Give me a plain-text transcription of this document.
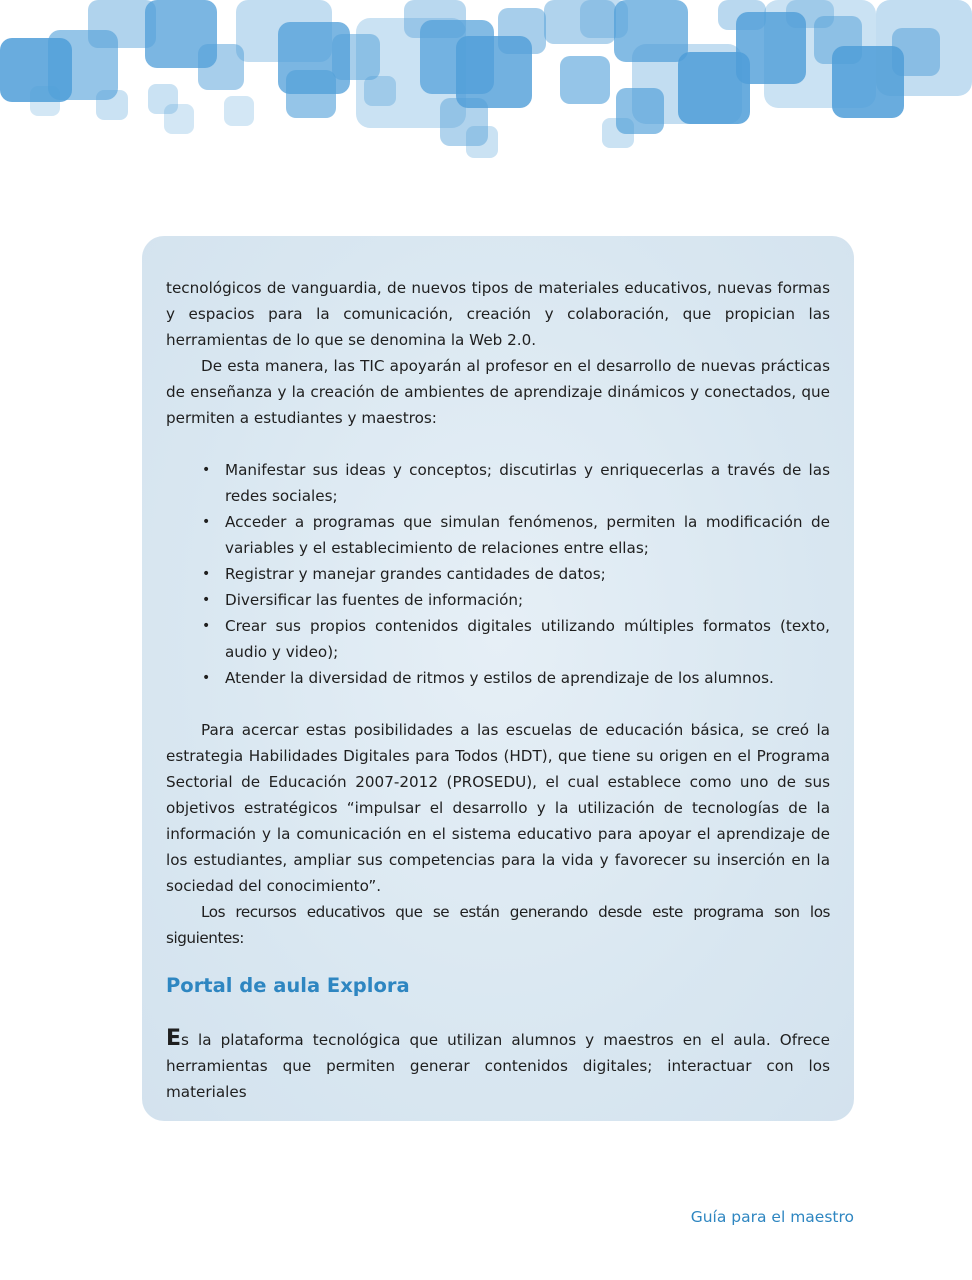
tecnológicos de vanguardia, de nuevos tipos de materiales educativos, nuevas formas y espacios para la comunicación, creación y colaboración, que propician las herramientas de lo que se denomina la Web 2.0.

De esta manera, las TIC apoyarán al profesor en el desarrollo de nuevas prácticas de enseñanza y la creación de ambientes de aprendizaje dinámicos y conectados, que permiten a estudiantes y maestros:

• Manifestar sus ideas y conceptos; discutirlas y enriquecerlas a través de las redes sociales;
• Acceder a programas que simulan fenómenos, permiten la modificación de variables y el establecimiento de relaciones entre ellas;
• Registrar y manejar grandes cantidades de datos;
• Diversificar las fuentes de información;
• Crear sus propios contenidos digitales utilizando múltiples formatos (texto, audio y video);
• Atender la diversidad de ritmos y estilos de aprendizaje de los alumnos.

Para acercar estas posibilidades a las escuelas de educación básica, se creó la estrategia Habilidades Digitales para Todos (HDT), que tiene su origen en el Programa Sectorial de Educación 2007-2012 (PROSEDU), el cual establece como uno de sus objetivos estratégicos “impulsar el desarrollo y la utilización de tecnologías de la información y la comunicación en el sistema educativo para apoyar el aprendizaje de los estudiantes, ampliar sus competencias para la vida y favorecer su inserción en la sociedad del conocimiento”.

Los recursos educativos que se están generando desde este programa son los siguientes:

Portal de aula Explora

Es la plataforma tecnológica que utilizan alumnos y maestros en el aula. Ofrece herramientas que permiten generar contenidos digitales; interactuar con los materiales

Guía para el maestro
